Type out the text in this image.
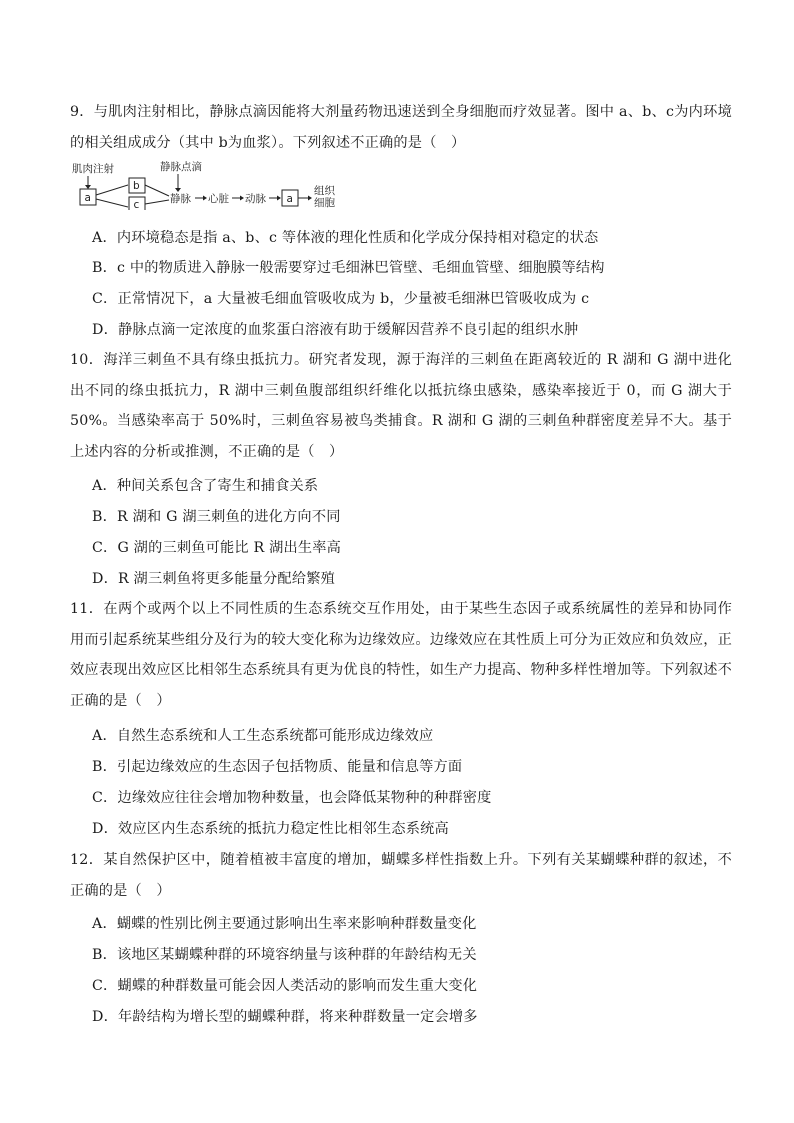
9．与肌肉注射相比，静脉点滴因能将大剂量药物迅速送到全身细胞而疗效显著。图中 a、b、c为内环境的相关组成成分（其中 b为血浆）。下列叙述不正确的是（　）
肌肉注射	静脉点滴
a
b
c	静脉 心脏 动脉 a
组织
细胞
A．内环境稳态是指 a、b、c 等体液的理化性质和化学成分保持相对稳定的状态
B．c 中的物质进入静脉一般需要穿过毛细淋巴管壁、毛细血管壁、细胞膜等结构
C．正常情况下，a 大量被毛细血管吸收成为 b，少量被毛细淋巴管吸收成为 c
D．静脉点滴一定浓度的血浆蛋白溶液有助于缓解因营养不良引起的组织水肿
10．海洋三刺鱼不具有绦虫抵抗力。研究者发现，源于海洋的三刺鱼在距离较近的 R 湖和 G 湖中进化出不同的绦虫抵抗力，R 湖中三刺鱼腹部组织纤维化以抵抗绦虫感染，感染率接近于 0，而 G 湖大于 50%。当感染率高于 50%时，三刺鱼容易被鸟类捕食。R 湖和 G 湖的三刺鱼种群密度差异不大。基于上述内容的分析或推测，不正确的是（　）
A．种间关系包含了寄生和捕食关系
B．R 湖和 G 湖三刺鱼的进化方向不同
C．G 湖的三刺鱼可能比 R 湖出生率高
D．R 湖三刺鱼将更多能量分配给繁殖
11．在两个或两个以上不同性质的生态系统交互作用处，由于某些生态因子或系统属性的差异和协同作用而引起系统某些组分及行为的较大变化称为边缘效应。边缘效应在其性质上可分为正效应和负效应，正效应表现出效应区比相邻生态系统具有更为优良的特性，如生产力提高、物种多样性增加等。下列叙述不正确的是（　）
A．自然生态系统和人工生态系统都可能形成边缘效应
B．引起边缘效应的生态因子包括物质、能量和信息等方面
C．边缘效应往往会增加物种数量，也会降低某物种的种群密度
D．效应区内生态系统的抵抗力稳定性比相邻生态系统高
12．某自然保护区中，随着植被丰富度的增加，蝴蝶多样性指数上升。下列有关某蝴蝶种群的叙述，不正确的是（　）
A．蝴蝶的性别比例主要通过影响出生率来影响种群数量变化
B．该地区某蝴蝶种群的环境容纳量与该种群的年龄结构无关
C．蝴蝶的种群数量可能会因人类活动的影响而发生重大变化
D．年龄结构为增长型的蝴蝶种群，将来种群数量一定会增多
